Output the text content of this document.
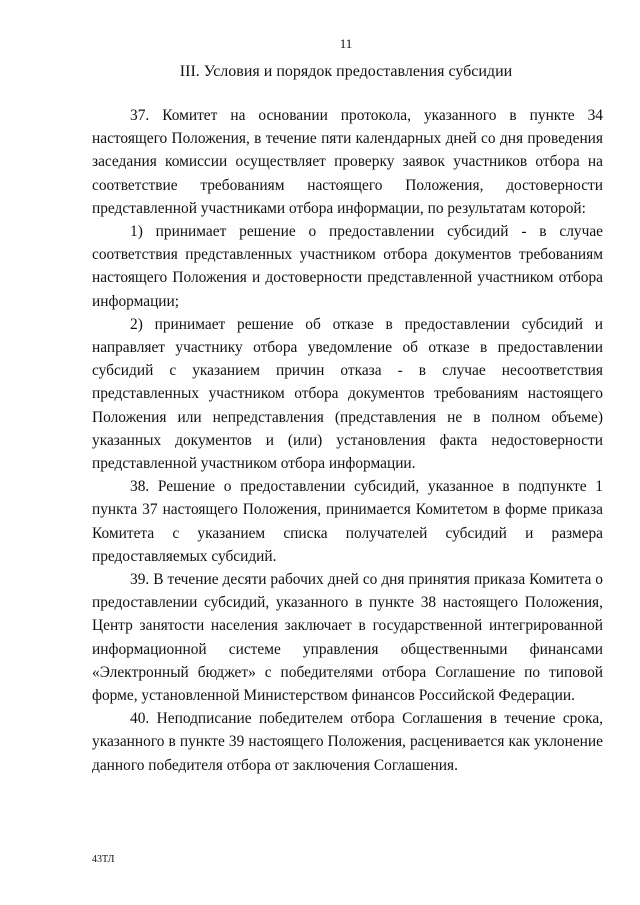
11
III. Условия и порядок предоставления субсидии

37. Комитет на основании протокола, указанного в пункте 34 настоящего Положения, в течение пяти календарных дней со дня проведения заседания комиссии осуществляет проверку заявок участников отбора на соответствие требованиям настоящего Положения, достоверности представленной участниками отбора информации, по результатам которой:

1) принимает решение о предоставлении субсидий - в случае соответствия представленных участником отбора документов требованиям настоящего Положения и достоверности представленной участником отбора информации;

2) принимает решение об отказе в предоставлении субсидий и направляет участнику отбора уведомление об отказе в предоставлении субсидий с указанием причин отказа - в случае несоответствия представленных участником отбора документов требованиям настоящего Положения или непредставления (представления не в полном объеме) указанных документов и (или) установления факта недостоверности представленной участником отбора информации.

38. Решение о предоставлении субсидий, указанное в подпункте 1 пункта 37 настоящего Положения, принимается Комитетом в форме приказа Комитета с указанием списка получателей субсидий и размера предоставляемых субсидий.

39. В течение десяти рабочих дней со дня принятия приказа Комитета о предоставлении субсидий, указанного в пункте 38 настоящего Положения, Центр занятости населения заключает в государственной интегрированной информационной системе управления общественными финансами «Электронный бюджет» с победителями отбора Соглашение по типовой форме, установленной Министерством финансов Российской Федерации.

40. Неподписание победителем отбора Соглашения в течение срока, указанного в пункте 39 настоящего Положения, расценивается как уклонение данного победителя отбора от заключения Соглашения.

43ТЛ
